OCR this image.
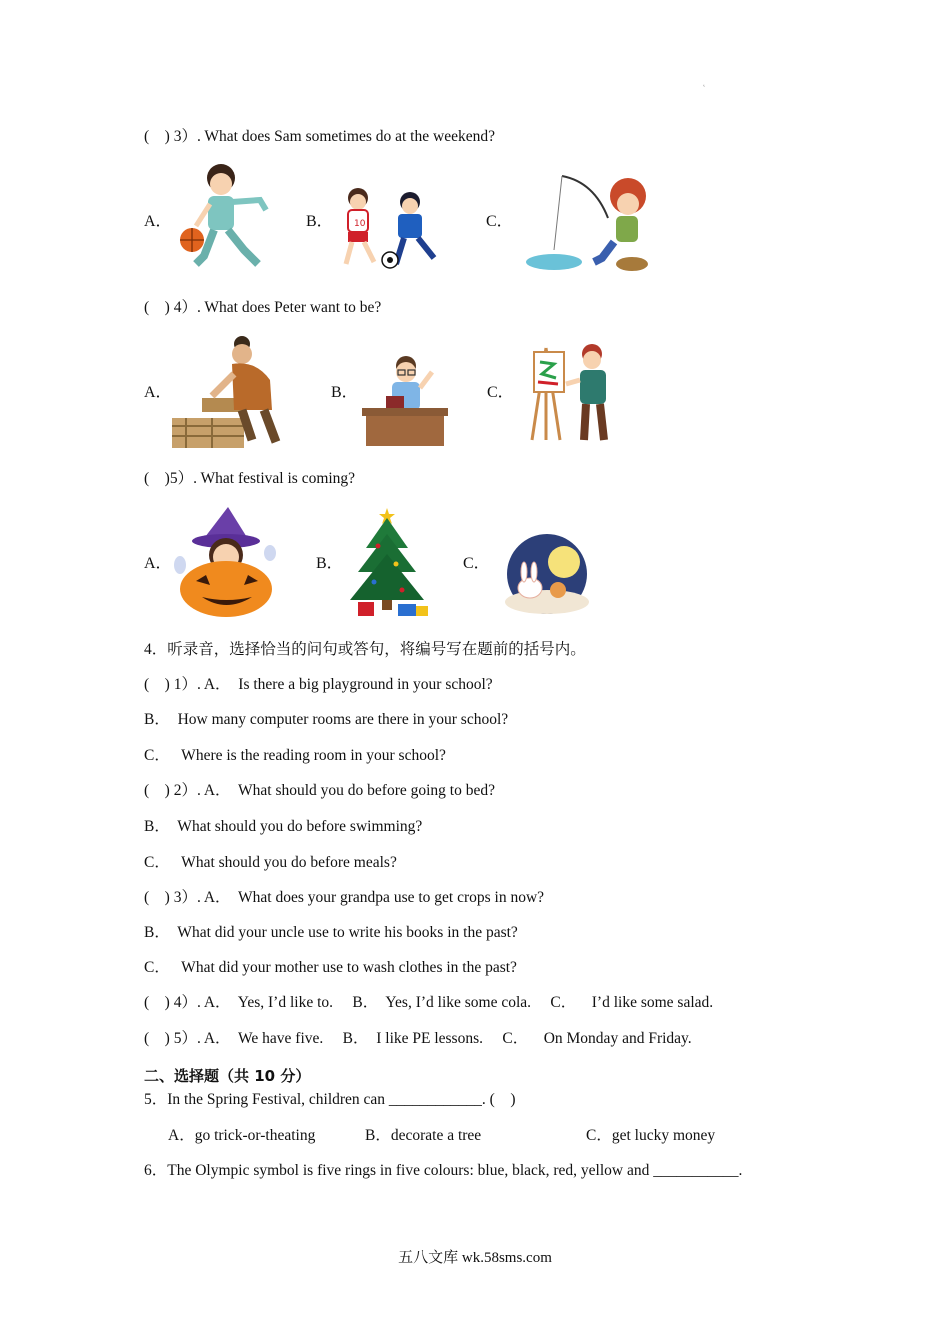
˛
(    ) 3）. What does Sam sometimes do at the weekend?
A．	B．	C．
10
(    ) 4）. What does Peter want to be?
A．	B．	C．
(    )5）. What festival is coming?
A．	B．	C．
4．听录音，选择恰当的问句或答句，将编号写在题前的括号内。
(    ) 1）. A．  Is there a big playground in your school?
B．  How many computer rooms are there in your school?
C．   Where is the reading room in your school?
(    ) 2）. A．  What should you do before going to bed?
B．  What should you do before swimming?
C．   What should you do before meals?
(    ) 3）. A．  What does your grandpa use to get crops in now?
B．  What did your uncle use to write his books in the past?
C．   What did your mother use to wash clothes in the past?
(    ) 4）. A．  Yes, I’d like to.     B．  Yes, I’d like some cola.     C．    I’d like some salad.
(    ) 5）. A．  We have five.     B．  I like PE lessons.     C．    On Monday and Friday.
二、选择题（共 10 分）
5．In the Spring Festival, children can ____________. (    )
A．go trick-or-theating	B．decorate a tree	C．get lucky money
6．The Olympic symbol is five rings in five colours: blue, black, red, yellow and ___________.
五八文库 wk.58sms.com
